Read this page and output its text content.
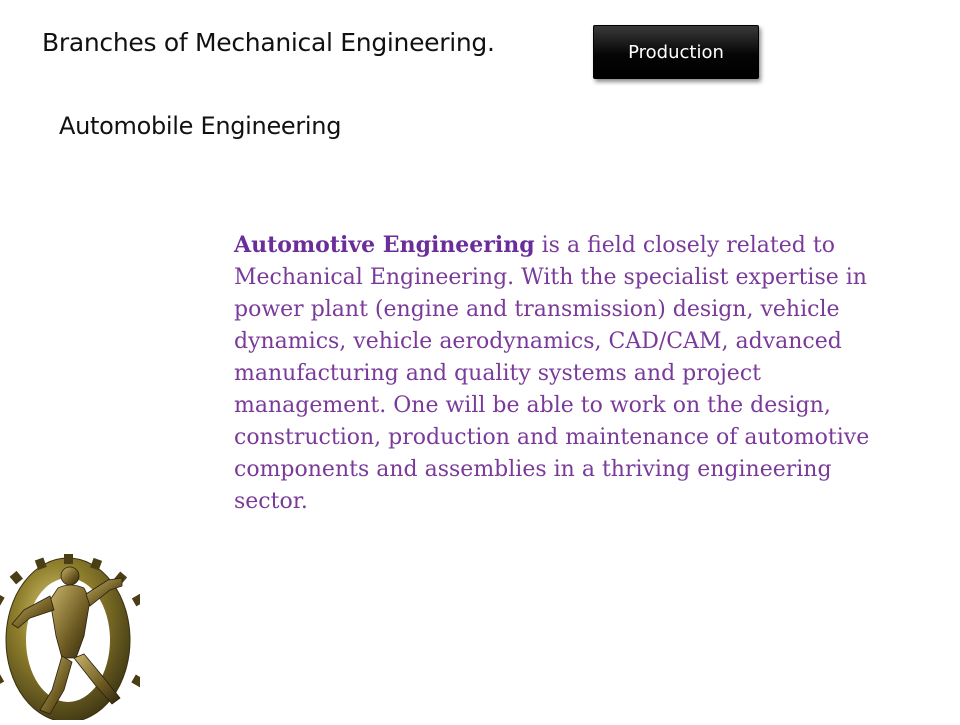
Branches of Mechanical Engineering.	Production
Automobile Engineering

Automotive Engineering is a field closely related to Mechanical Engineering. With the specialist expertise in power plant (engine and transmission) design, vehicle dynamics, vehicle aerodynamics, CAD/CAM, advanced manufacturing and quality systems and project management. One will be able to work on the design, construction, production and maintenance of automotive components and assemblies in a thriving engineering sector.
